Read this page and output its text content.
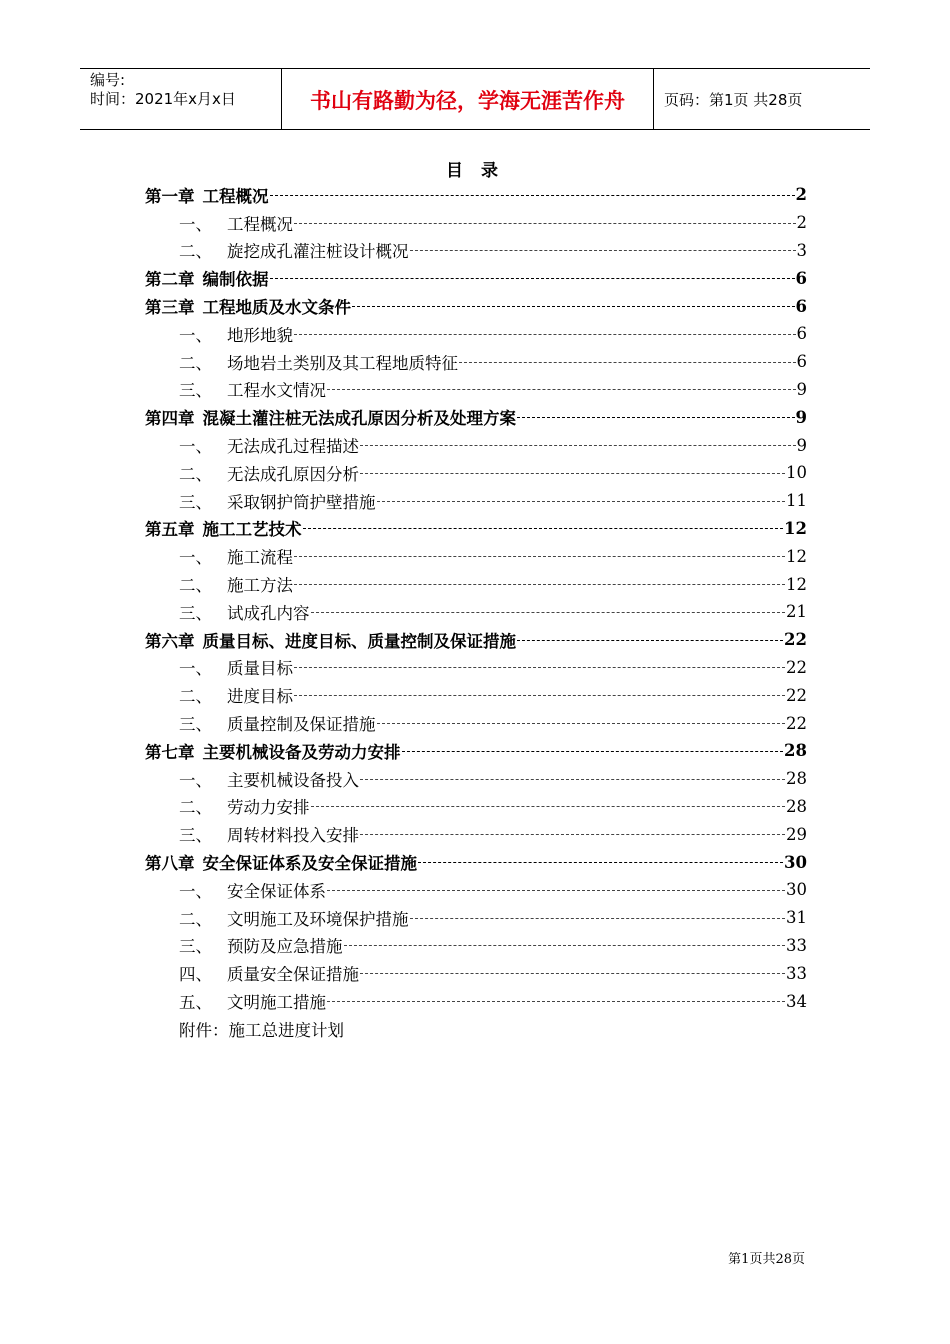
编号:
时间：2021年x月x日	书山有路勤为径，学海无涯苦作舟	页码：第1页 共28页
目 录
第一章 工程概况	2
一、 工程概况	2
二、 旋挖成孔灌注桩设计概况	3
第二章 编制依据	6
第三章 工程地质及水文条件	6
一、 地形地貌	6
二、 场地岩土类别及其工程地质特征	6
三、 工程水文情况	9
第四章 混凝土灌注桩无法成孔原因分析及处理方案	9
一、 无法成孔过程描述	9
二、 无法成孔原因分析	10
三、 采取钢护筒护壁措施	11
第五章 施工工艺技术	12
一、 施工流程	12
二、 施工方法	12
三、 试成孔内容	21
第六章 质量目标、进度目标、质量控制及保证措施	22
一、 质量目标	22
二、 进度目标	22
三、 质量控制及保证措施	22
第七章 主要机械设备及劳动力安排	28
一、 主要机械设备投入	28
二、 劳动力安排	28
三、 周转材料投入安排	29
第八章 安全保证体系及安全保证措施	30
一、 安全保证体系	30
二、 文明施工及环境保护措施	31
三、 预防及应急措施	33
四、 质量安全保证措施	33
五、 文明施工措施	34
附件：施工总进度计划
第1页共28页
